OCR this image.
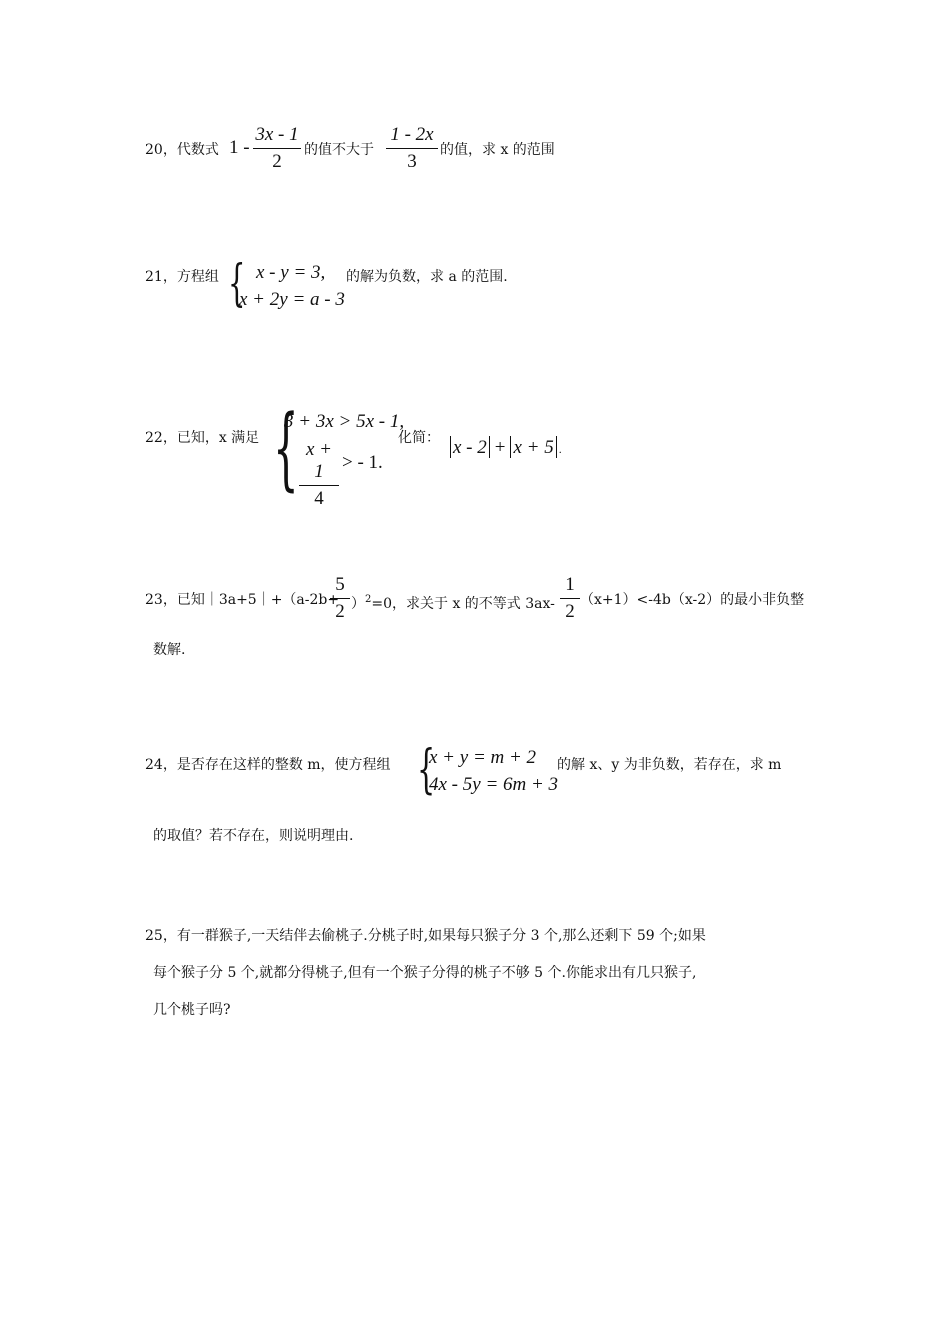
20，代数式 1 -
3x - 1
2
的值不大于
1 - 2x
3
的值，求 x 的范围
21，方程组 { x - y = 3,
x + 2y = a - 3
的解为负数，求 a 的范围.
22，已知，x 满足 {
3 + 3x > 5x - 1,
x + 1
4
> - 1.
化简： x - 2 + x + 5 .
23，已知｜3a+5｜+（a-2b+
5
2 ）$^2$=0，求关于 x 的不等式 3ax-
1
2
（x+1）<-4b（x-2）的最小非负整
数解.
24，是否存在这样的整数 m，使方程组 {
x + y = m + 2
4x - 5y = 6m + 3
的解 x、y 为非负数，若存在，求 m
的取值？若不存在，则说明理由.
25，有一群猴子,一天结伴去偷桃子.分桃子时,如果每只猴子分 3 个,那么还剩下 59 个;如果
每个猴子分 5 个,就都分得桃子,但有一个猴子分得的桃子不够 5 个.你能求出有几只猴子,
几个桃子吗?
